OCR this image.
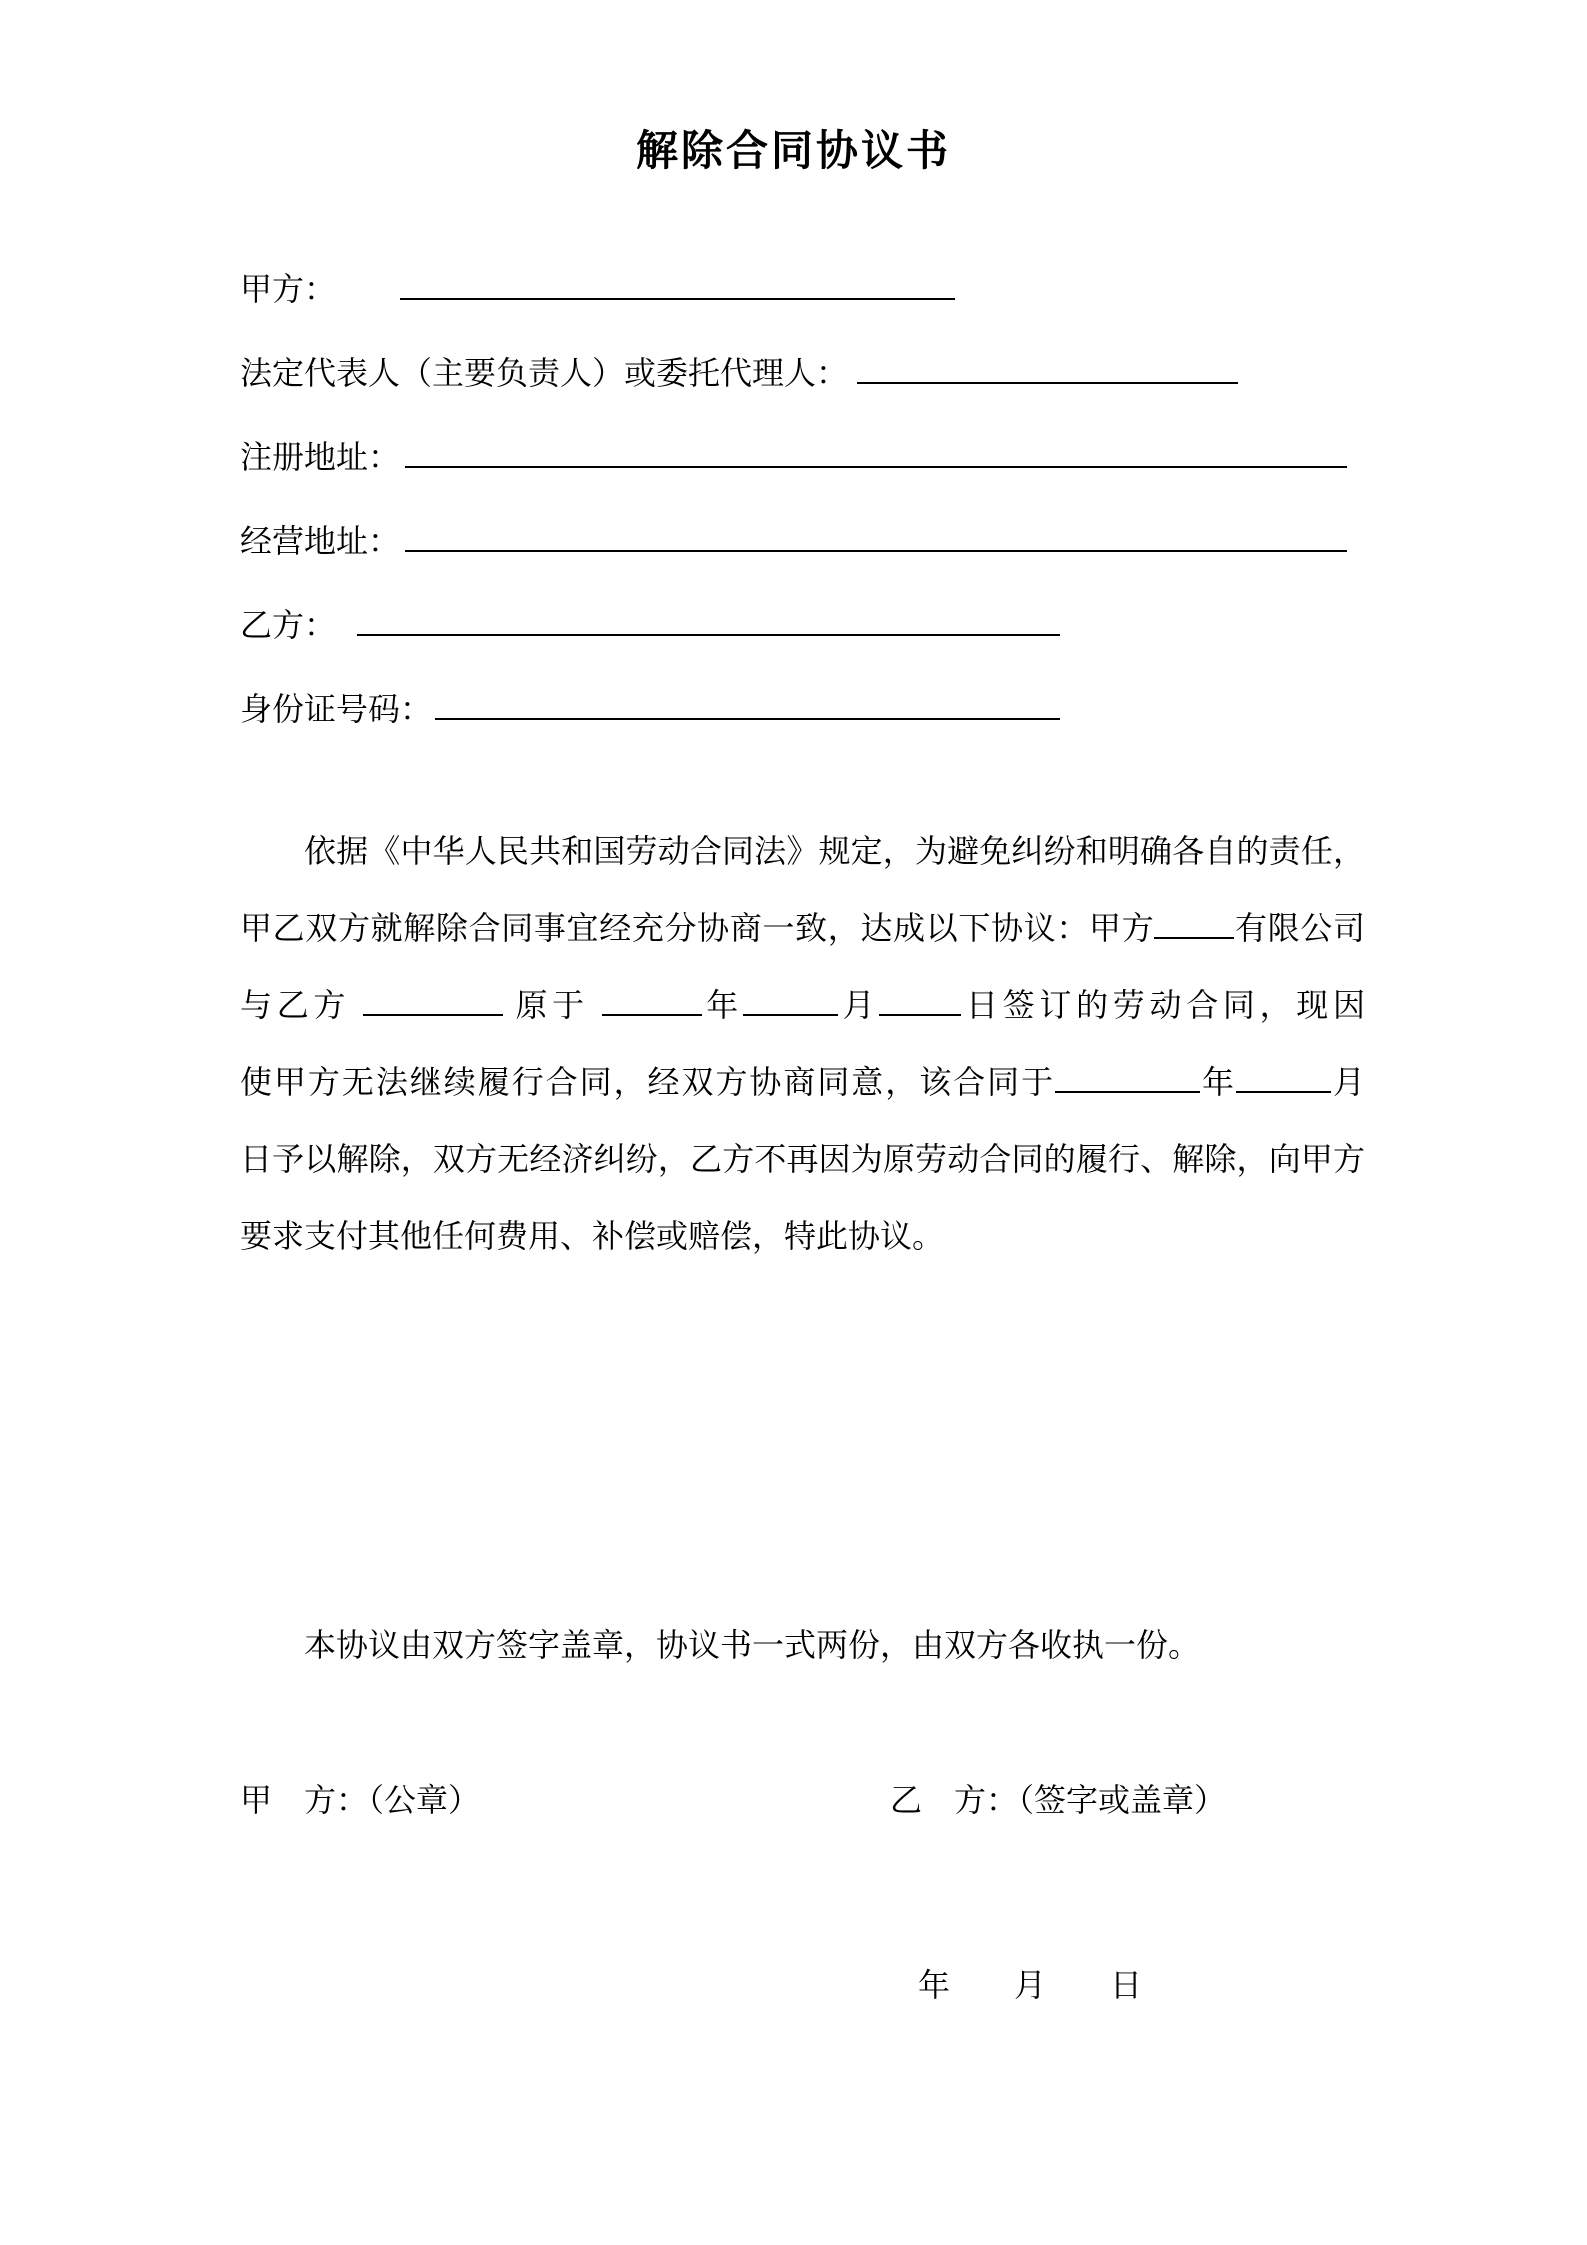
解除合同协议书
甲方：
法定代表人（主要负责人）或委托代理人：
注册地址：
经营地址：
乙方：
身份证号码：
依据《中华人民共和国劳动合同法》规定，为避免纠纷和明确各自的责任，
甲乙双方就解除合同事宜经充分协商一致，达成以下协议：甲方	有限公司
与乙方	原于	年	月	日签订的劳动合同，现因
使甲方无法继续履行合同，经双方协商同意，该合同于	年	月
日予以解除，双方无经济纠纷，乙方不再因为原劳动合同的履行、解除，向甲方
要求支付其他任何费用、补偿或赔偿，特此协议。
本协议由双方签字盖章，协议书一式两份，由双方各收执一份。
甲　方：（公章）	乙　方：（签字或盖章）
年　　月　　日
